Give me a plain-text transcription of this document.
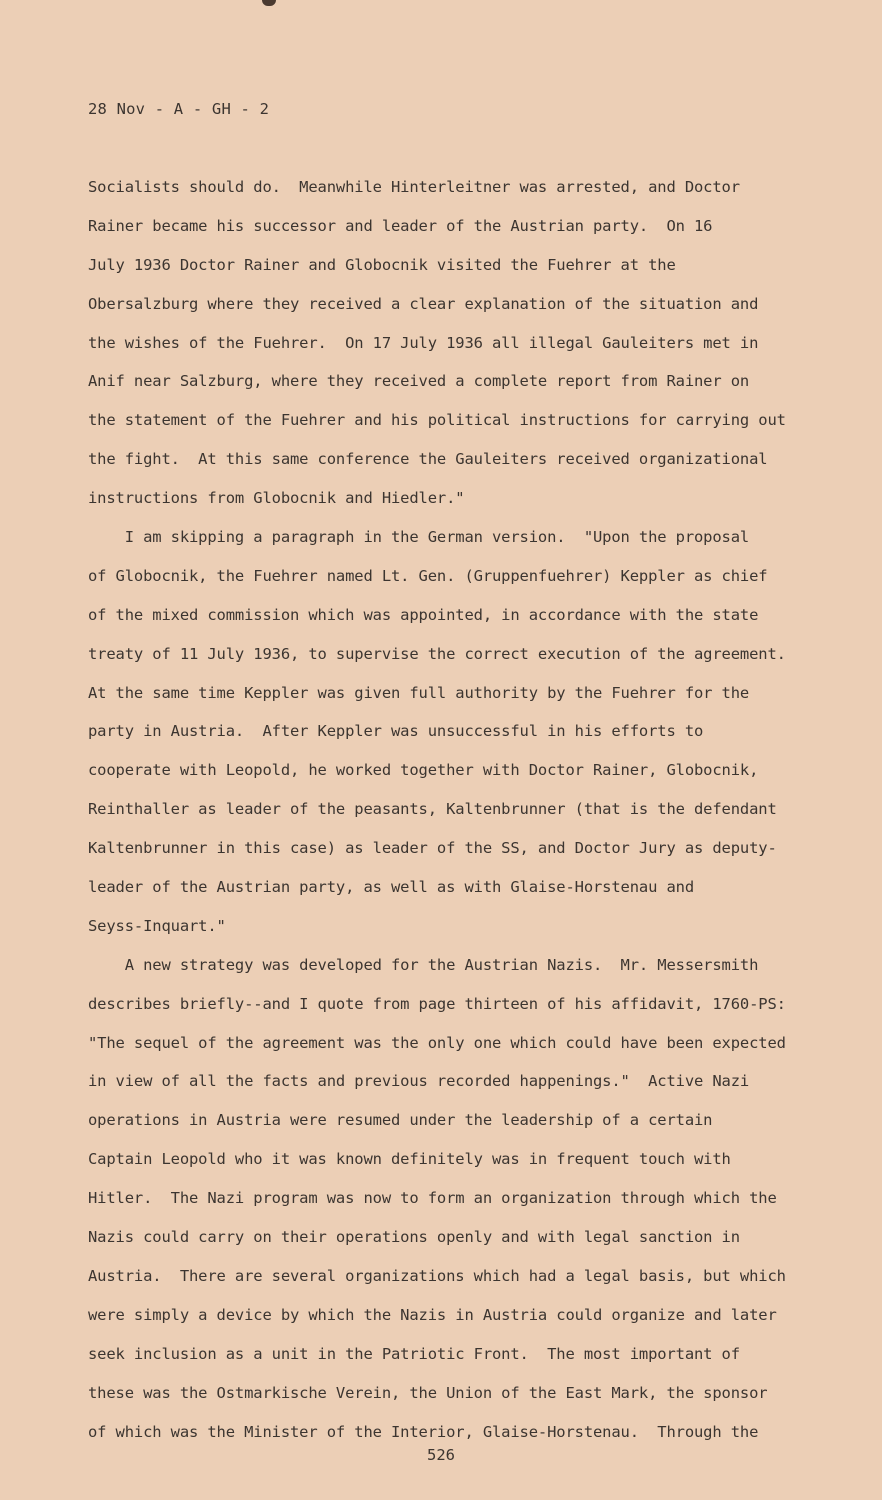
28 Nov - A - GH - 2
Socialists should do.  Meanwhile Hinterleitner was arrested, and Doctor
Rainer became his successor and leader of the Austrian party.  On 16
July 1936 Doctor Rainer and Globocnik visited the Fuehrer at the
Obersalzburg where they received a clear explanation of the situation and
the wishes of the Fuehrer.  On 17 July 1936 all illegal Gauleiters met in
Anif near Salzburg, where they received a complete report from Rainer on
the statement of the Fuehrer and his political instructions for carrying out
the fight.  At this same conference the Gauleiters received organizational
instructions from Globocnik and Hiedler."
I am skipping a paragraph in the German version.  "Upon the proposal
of Globocnik, the Fuehrer named Lt. Gen. (Gruppenfuehrer) Keppler as chief
of the mixed commission which was appointed, in accordance with the state
treaty of 11 July 1936, to supervise the correct execution of the agreement.
At the same time Keppler was given full authority by the Fuehrer for the
party in Austria.  After Keppler was unsuccessful in his efforts to
cooperate with Leopold, he worked together with Doctor Rainer, Globocnik,
Reinthaller as leader of the peasants, Kaltenbrunner (that is the defendant
Kaltenbrunner in this case) as leader of the SS, and Doctor Jury as deputy-
leader of the Austrian party, as well as with Glaise-Horstenau and
Seyss-Inquart."
A new strategy was developed for the Austrian Nazis.  Mr. Messersmith
describes briefly--and I quote from page thirteen of his affidavit, 1760-PS:
"The sequel of the agreement was the only one which could have been expected
in view of all the facts and previous recorded happenings."  Active Nazi
operations in Austria were resumed under the leadership of a certain
Captain Leopold who it was known definitely was in frequent touch with
Hitler.  The Nazi program was now to form an organization through which the
Nazis could carry on their operations openly and with legal sanction in
Austria.  There are several organizations which had a legal basis, but which
were simply a device by which the Nazis in Austria could organize and later
seek inclusion as a unit in the Patriotic Front.  The most important of
these was the Ostmarkische Verein, the Union of the East Mark, the sponsor
of which was the Minister of the Interior, Glaise-Horstenau.  Through the
526
